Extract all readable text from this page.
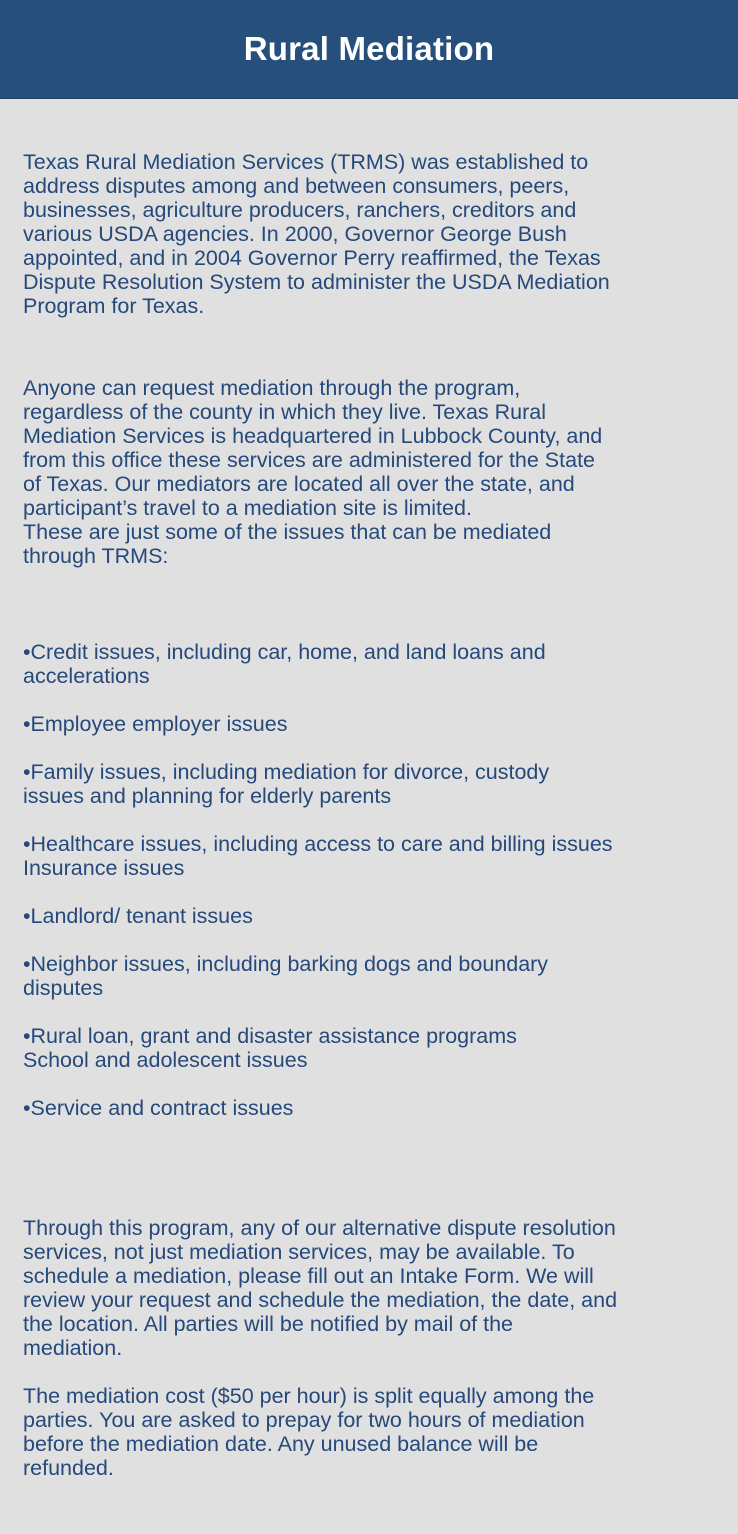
Rural Mediation

Texas Rural Mediation Services (TRMS) was established to
address disputes among and between consumers, peers,
businesses, agriculture producers, ranchers, creditors and
various USDA agencies. In 2000, Governor George Bush
appointed, and in 2004 Governor Perry reaffirmed, the Texas
Dispute Resolution System to administer the USDA Mediation
Program for Texas.

Anyone can request mediation through the program,
regardless of the county in which they live. Texas Rural
Mediation Services is headquartered in Lubbock County, and
from this office these services are administered for the State
of Texas. Our mediators are located all over the state, and
participant’s travel to a mediation site is limited.
These are just some of the issues that can be mediated
through TRMS:

•Credit issues, including car, home, and land loans and
accelerations
•Employee employer issues
•Family issues, including mediation for divorce, custody
issues and planning for elderly parents
•Healthcare issues, including access to care and billing issues
Insurance issues
•Landlord/ tenant issues
•Neighbor issues, including barking dogs and boundary
disputes
•Rural loan, grant and disaster assistance programs
School and adolescent issues
•Service and contract issues

Through this program, any of our alternative dispute resolution
services, not just mediation services, may be available. To
schedule a mediation, please fill out an Intake Form. We will
review your request and schedule the mediation, the date, and
the location. All parties will be notified by mail of the
mediation.

The mediation cost ($50 per hour) is split equally among the
parties. You are asked to prepay for two hours of mediation
before the mediation date. Any unused balance will be
refunded.
